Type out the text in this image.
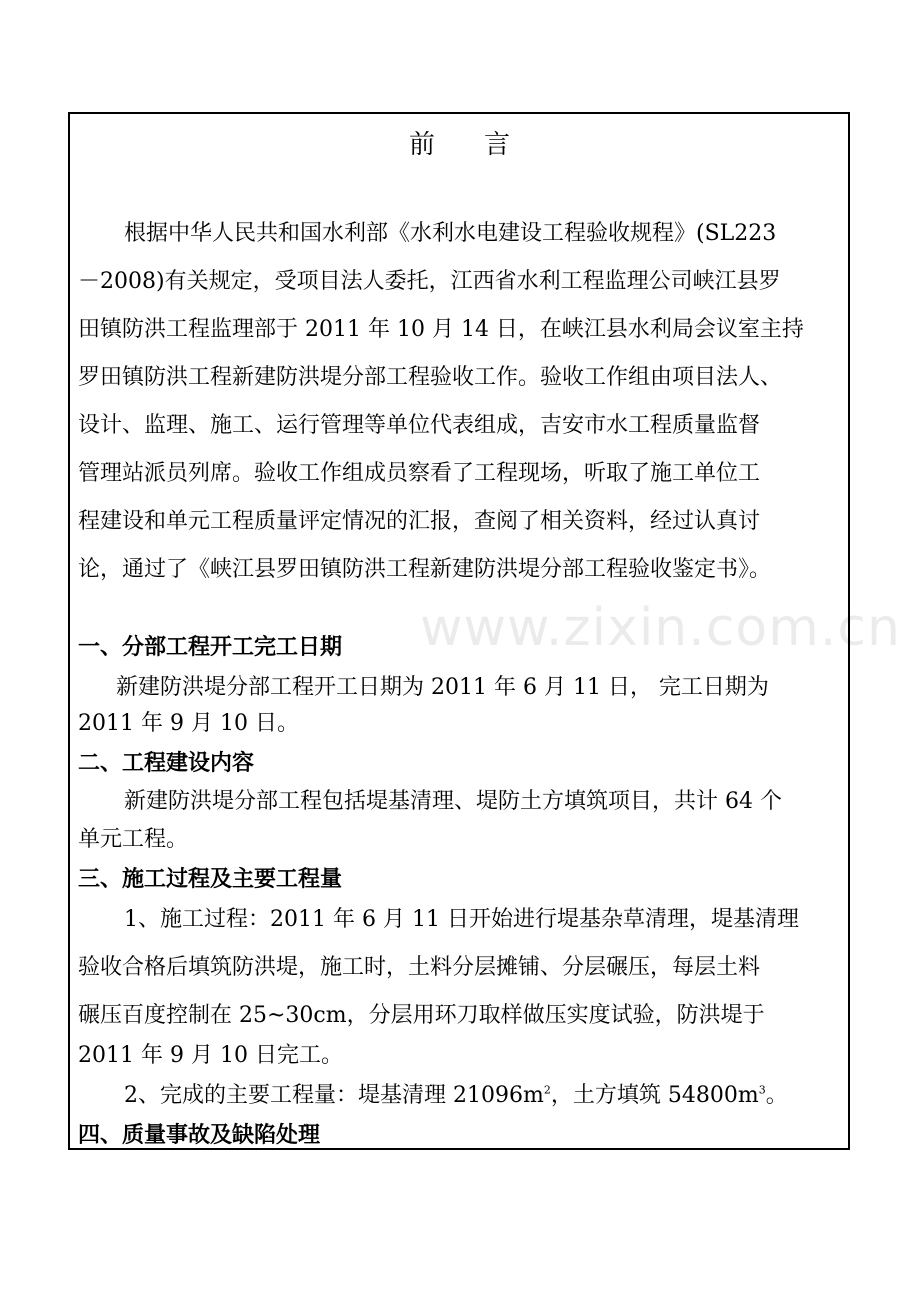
www.zixin.com.cn
前 言
根据中华人民共和国水利部《水利水电建设工程验收规程》(SL223
－2008)有关规定，受项目法人委托，江西省水利工程监理公司峡江县罗
田镇防洪工程监理部于 2011 年 10 月 14 日，在峡江县水利局会议室主持
罗田镇防洪工程新建防洪堤分部工程验收工作。验收工作组由项目法人、
设计、监理、施工、运行管理等单位代表组成，吉安市水工程质量监督
管理站派员列席。验收工作组成员察看了工程现场，听取了施工单位工
程建设和单元工程质量评定情况的汇报，查阅了相关资料，经过认真讨
论，通过了《峡江县罗田镇防洪工程新建防洪堤分部工程验收鉴定书》。
一、分部工程开工完工日期
新建防洪堤分部工程开工日期为 2011 年 6 月 11 日， 完工日期为
2011 年 9 月 10 日。
二、工程建设内容
新建防洪堤分部工程包括堤基清理、堤防土方填筑项目，共计 64 个
单元工程。
三、施工过程及主要工程量
1、施工过程：2011 年 6 月 11 日开始进行堤基杂草清理，堤基清理
验收合格后填筑防洪堤，施工时，土料分层摊铺、分层碾压，每层土料
碾压百度控制在 25~30cm，分层用环刀取样做压实度试验，防洪堤于
2011 年 9 月 10 日完工。
2、完成的主要工程量：堤基清理 $21096m^2$，土方填筑 $54800m^3$。
四、质量事故及缺陷处理
